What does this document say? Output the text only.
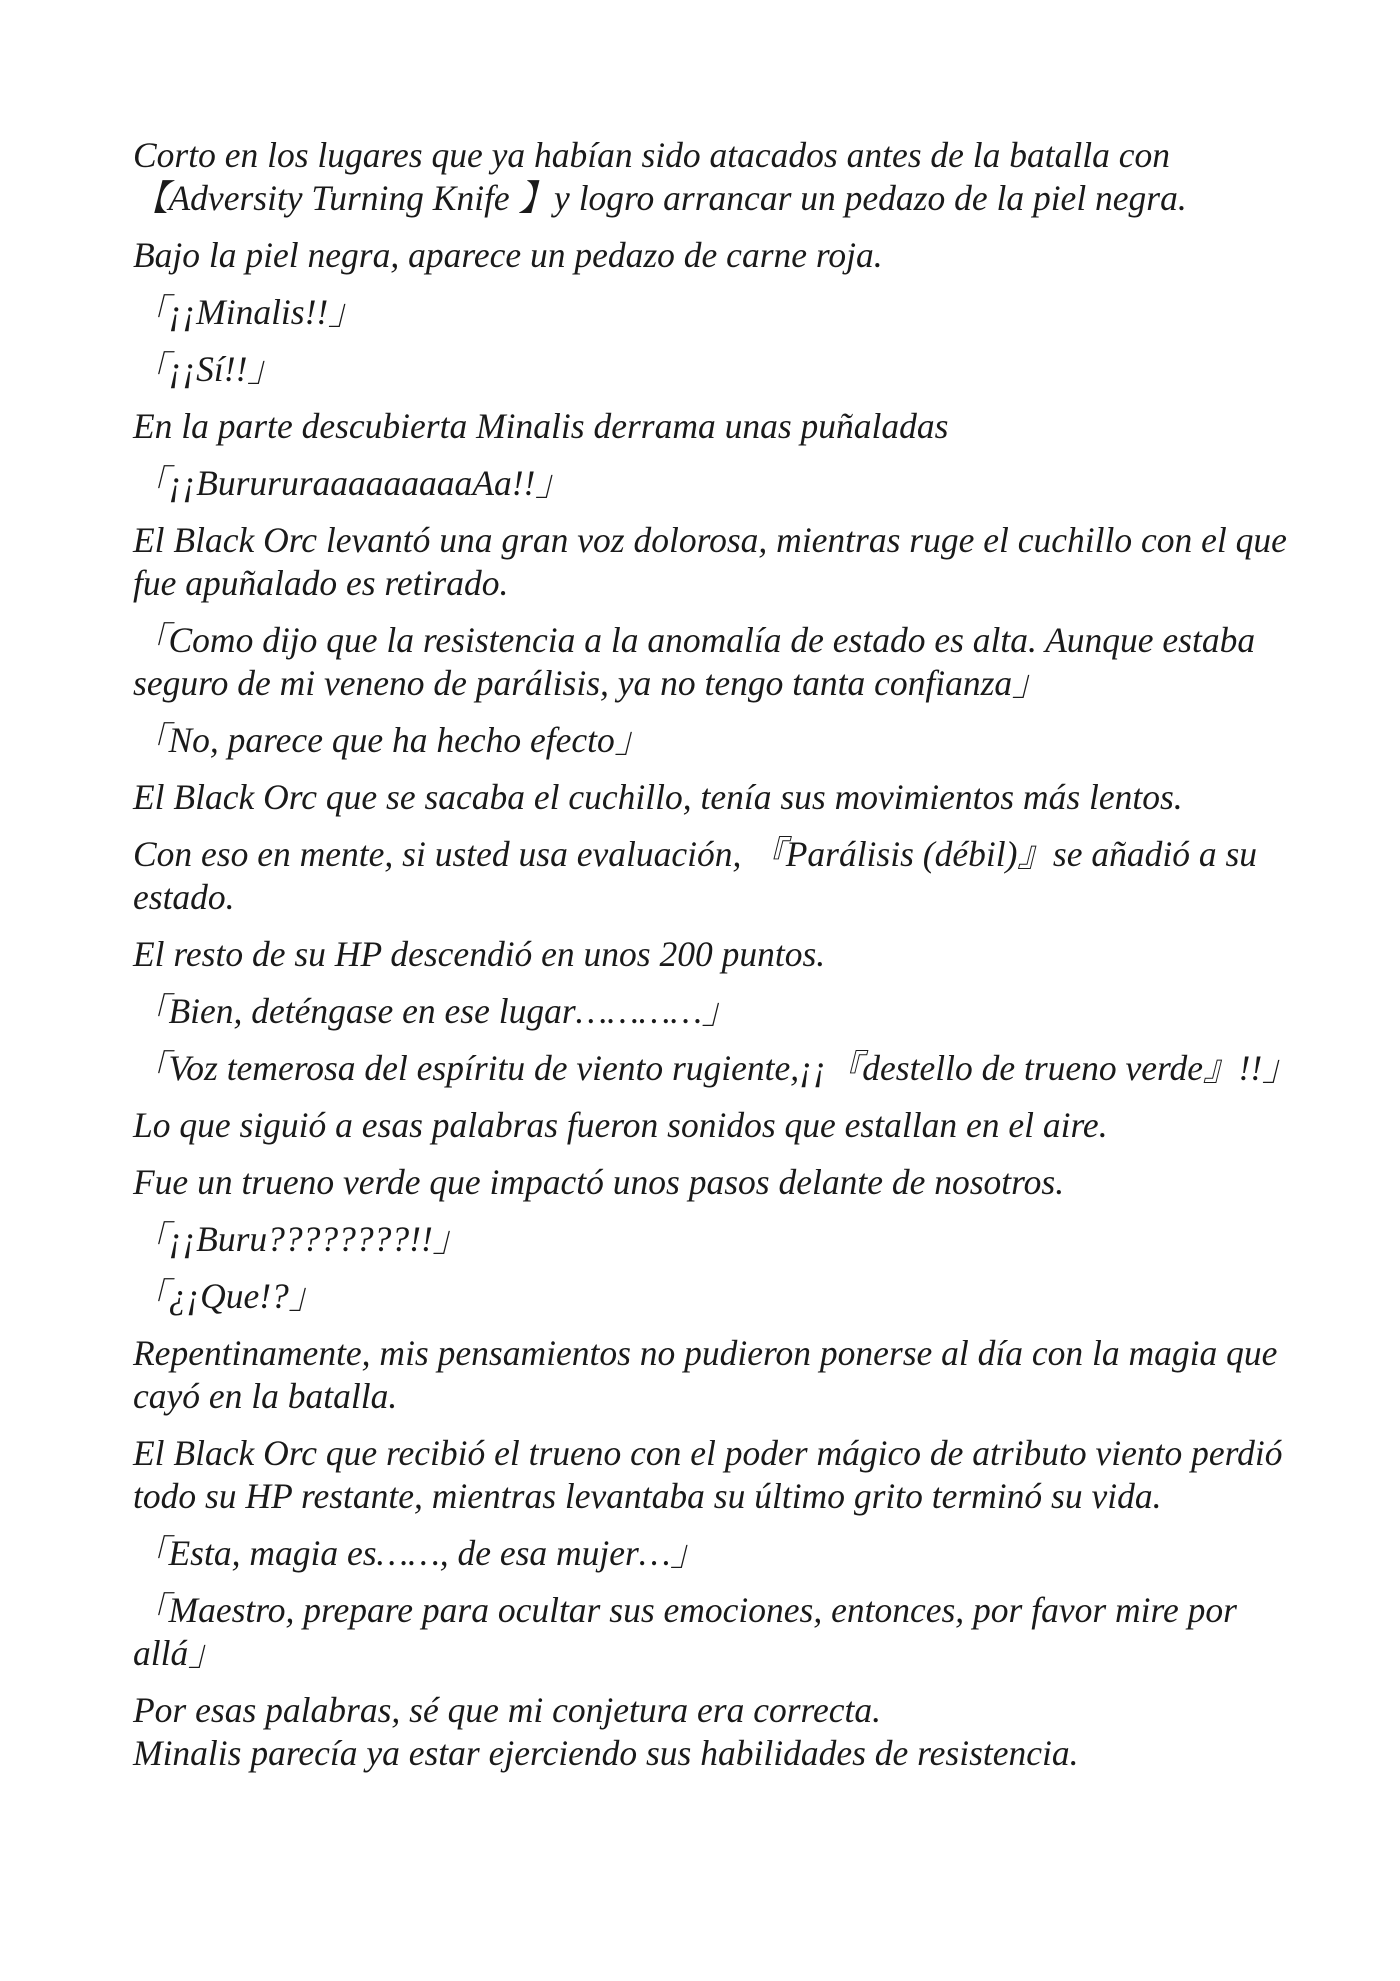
Corto en los lugares que ya habían sido atacados antes de la batalla con【Adversity Turning Knife 】y logro arrancar un pedazo de la piel negra.

Bajo la piel negra, aparece un pedazo de carne roja.

「¡¡Minalis!!」

「¡¡Sí!!」

En la parte descubierta Minalis derrama unas puñaladas

「¡¡BurururaaaaaaaaaAa!!」

El Black Orc levantó una gran voz dolorosa, mientras ruge el cuchillo con el que fue apuñalado es retirado.

「Como dijo que la resistencia a la anomalía de estado es alta. Aunque estaba seguro de mi veneno de parálisis, ya no tengo tanta confianza」

「No, parece que ha hecho efecto」

El Black Orc que se sacaba el cuchillo, tenía sus movimientos más lentos.

Con eso en mente, si usted usa evaluación, 『Parálisis (débil)』se añadió a su estado.

El resto de su HP descendió en unos 200 puntos.

「Bien, deténgase en ese lugar…………」

「Voz temerosa del espíritu de viento rugiente,¡¡『destello de trueno verde』!!」

Lo que siguió a esas palabras fueron sonidos que estallan en el aire.

Fue un trueno verde que impactó unos pasos delante de nosotros.

「¡¡Buru????????!!」

「¿¡Que!?」

Repentinamente, mis pensamientos no pudieron ponerse al día con la magia que cayó en la batalla.

El Black Orc que recibió el trueno con el poder mágico de atributo viento perdió todo su HP restante, mientras levantaba su último grito terminó su vida.

「Esta, magia es……, de esa mujer…」

「Maestro, prepare para ocultar sus emociones, entonces, por favor mire por allá」

Por esas palabras, sé que mi conjetura era correcta.

Minalis parecía ya estar ejerciendo sus habilidades de resistencia.
